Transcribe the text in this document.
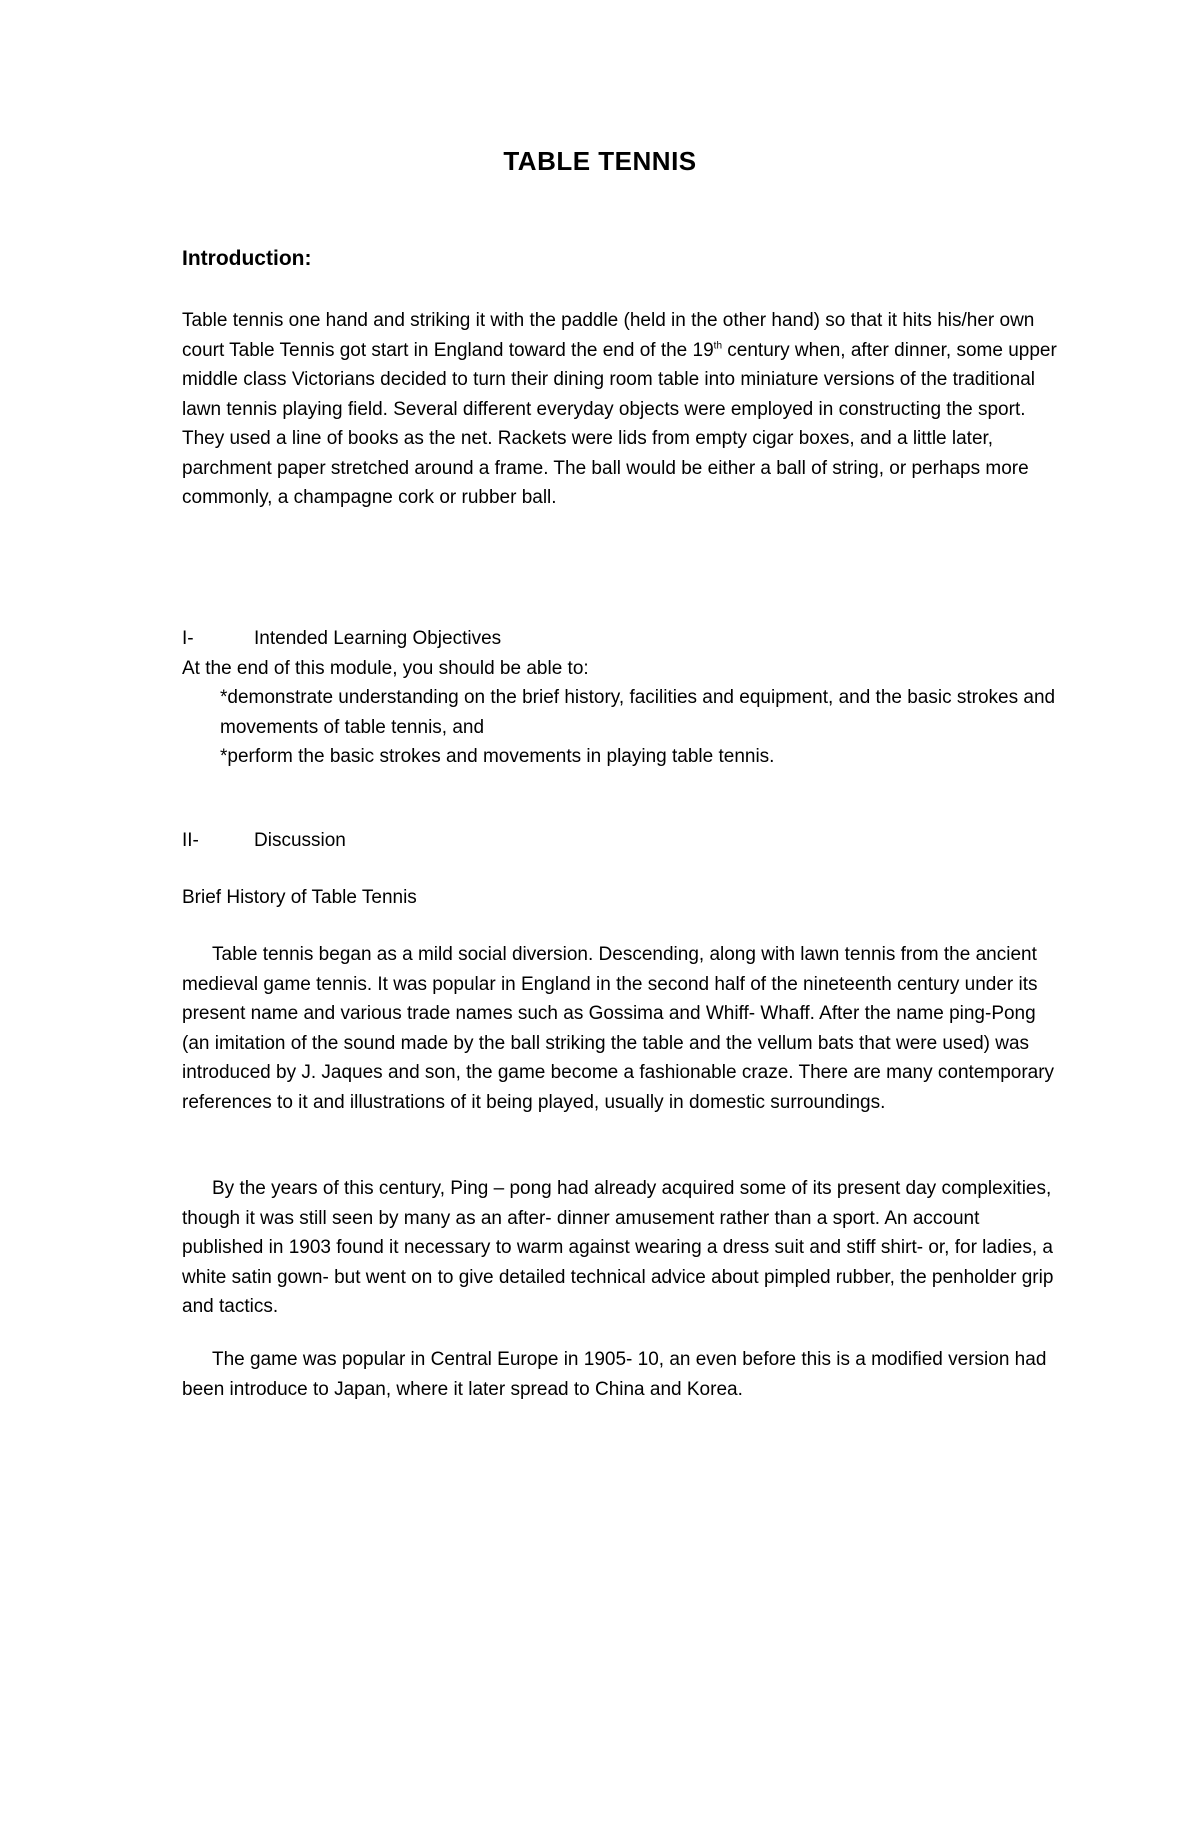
TABLE TENNIS
Introduction:
Table tennis one hand and striking it with the paddle (held in the other hand) so that it hits his/her own court Table Tennis got start in England toward the end of the 19th century when, after dinner, some upper middle class Victorians decided to turn their dining room table into miniature versions of the traditional lawn tennis playing field. Several different everyday objects were employed in constructing the sport. They used a line of books as the net. Rackets were lids from empty cigar boxes, and a little later, parchment paper stretched around a frame. The ball would be either a ball of string, or perhaps more commonly, a champagne cork or rubber ball.
I-	Intended Learning Objectives
At the end of this module, you should be able to:
*demonstrate understanding on the brief history, facilities and equipment, and the basic strokes and movements of table tennis, and
*perform the basic strokes and movements in playing table tennis.
II-	Discussion
Brief History of Table Tennis

Table tennis began as a mild social diversion. Descending, along with lawn tennis from the ancient medieval game tennis. It was popular in England in the second half of the nineteenth century under its present name and various trade names such as Gossima and Whiff- Whaff. After the name ping-Pong (an imitation of the sound made by the ball striking the table and the vellum bats that were used) was introduced by J. Jaques and son, the game become a fashionable craze. There are many contemporary references to it and illustrations of it being played, usually in domestic surroundings.

By the years of this century, Ping – pong had already acquired some of its present day complexities, though it was still seen by many as an after- dinner amusement rather than a sport. An account published in 1903 found it necessary to warm against wearing a dress suit and stiff shirt- or, for ladies, a white satin gown- but went on to give detailed technical advice about pimpled rubber, the penholder grip and tactics.

The game was popular in Central Europe in 1905- 10, an even before this is a modified version had been introduce to Japan, where it later spread to China and Korea.
